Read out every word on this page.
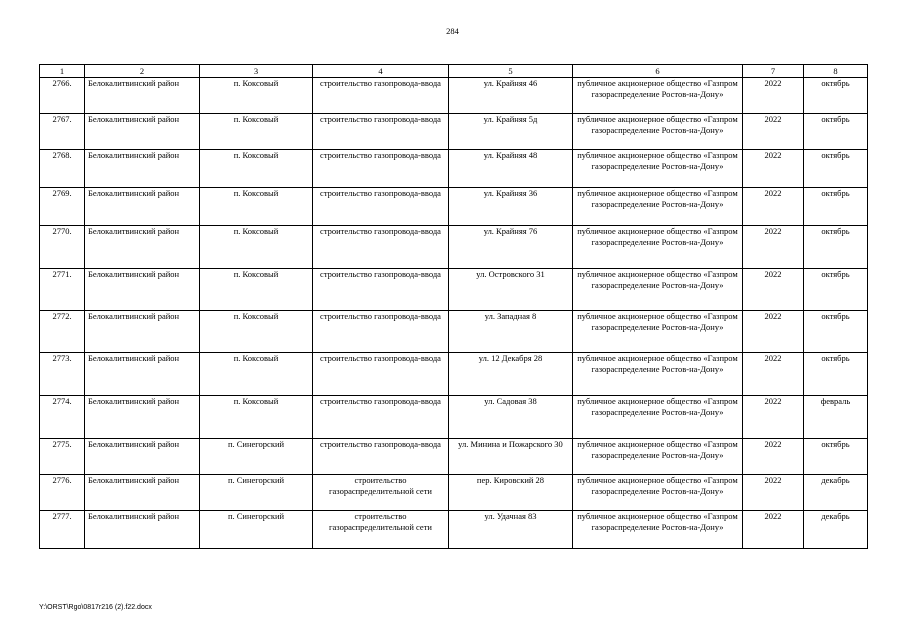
284
1	2	3	4	5	6	7	8
2766.	Белокалитвинский район	п. Коксовый	строительство газопровода-ввода	ул. Крайняя 46	публичное акционерное общество «Газпром газораспределение Ростов-на-Дону»	2022	октябрь
2767.	Белокалитвинский район	п. Коксовый	строительство газопровода-ввода	ул. Крайняя 5д	публичное акционерное общество «Газпром газораспределение Ростов-на-Дону»	2022	октябрь
2768.	Белокалитвинский район	п. Коксовый	строительство газопровода-ввода	ул. Крайняя 48	публичное акционерное общество «Газпром газораспределение Ростов-на-Дону»	2022	октябрь
2769.	Белокалитвинский район	п. Коксовый	строительство газопровода-ввода	ул. Крайняя 36	публичное акционерное общество «Газпром газораспределение Ростов-на-Дону»	2022	октябрь
2770.	Белокалитвинский район	п. Коксовый	строительство газопровода-ввода	ул. Крайняя 76	публичное акционерное общество «Газпром газораспределение Ростов-на-Дону»	2022	октябрь
2771.	Белокалитвинский район	п. Коксовый	строительство газопровода-ввода	ул. Островского 31	публичное акционерное общество «Газпром газораспределение Ростов-на-Дону»	2022	октябрь
2772.	Белокалитвинский район	п. Коксовый	строительство газопровода-ввода	ул. Западная 8	публичное акционерное общество «Газпром газораспределение Ростов-на-Дону»	2022	октябрь
2773.	Белокалитвинский район	п. Коксовый	строительство газопровода-ввода	ул. 12 Декабря 28	публичное акционерное общество «Газпром газораспределение Ростов-на-Дону»	2022	октябрь
2774.	Белокалитвинский район	п. Коксовый	строительство газопровода-ввода	ул. Садовая 38	публичное акционерное общество «Газпром газораспределение Ростов-на-Дону»	2022	февраль
2775.	Белокалитвинский район	п. Синегорский	строительство газопровода-ввода	ул. Минина и Пожарского 30	публичное акционерное общество «Газпром газораспределение Ростов-на-Дону»	2022	октябрь
2776.	Белокалитвинский район	п. Синегорский	строительство газораспределительной сети	пер. Кировский 28	публичное акционерное общество «Газпром газораспределение Ростов-на-Дону»	2022	декабрь
2777.	Белокалитвинский район	п. Синегорский	строительство газораспределительной сети	ул. Удачная 83	публичное акционерное общество «Газпром газораспределение Ростов-на-Дону»	2022	декабрь
Y:\ORST\Rgo\0817r216 (2).f22.docx
